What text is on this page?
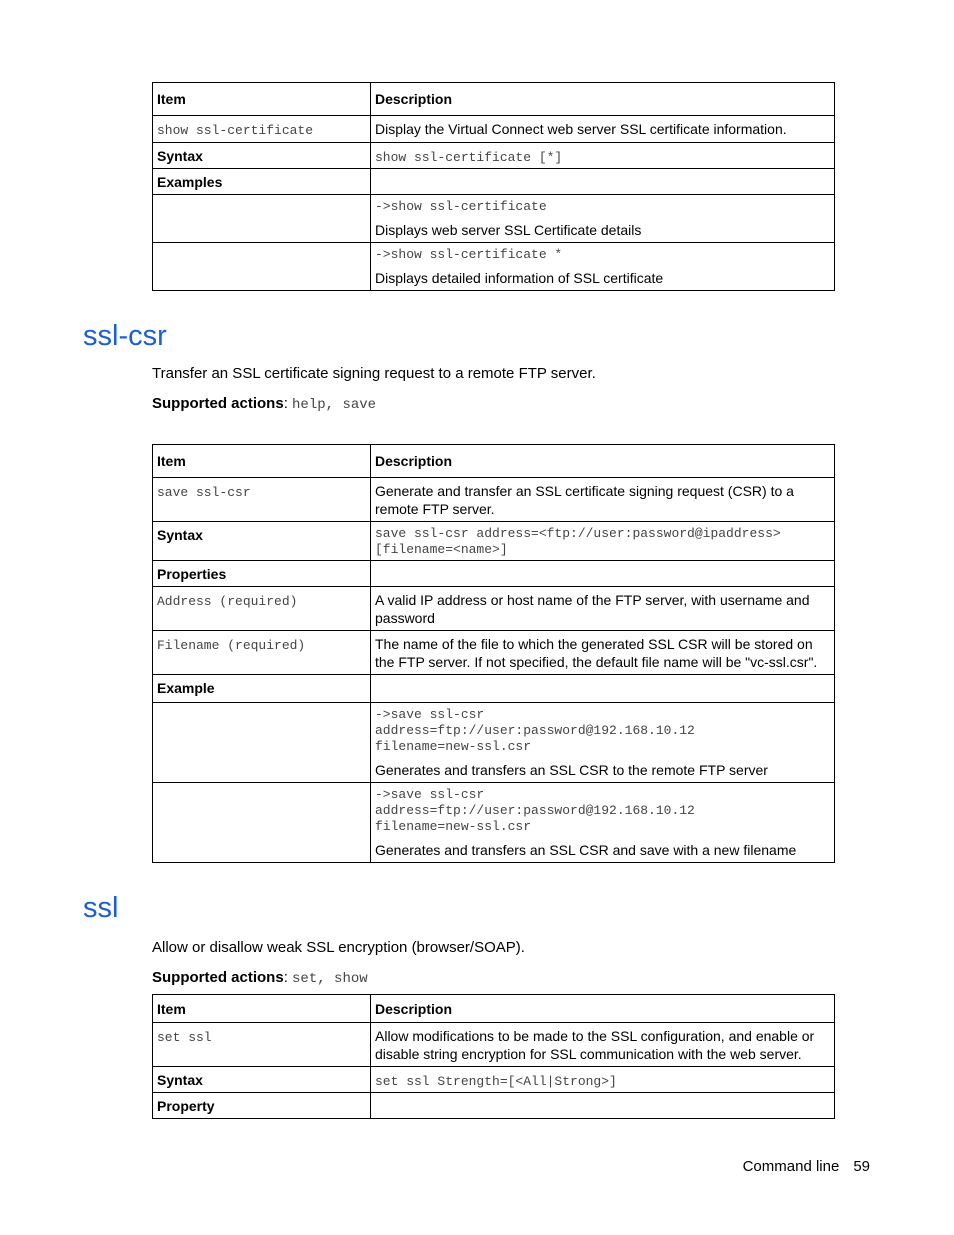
Item	Description
show ssl-certificate	Display the Virtual Connect web server SSL certificate information.
Syntax	show ssl-certificate [*]
Examples	

	->show ssl-certificate
Displays web server SSL Certificate details

	->show ssl-certificate *
Displays detailed information of SSL certificate
ssl-csr

Transfer an SSL certificate signing request to a remote FTP server.

Supported actions: help, save

Item	Description
save ssl-csr	Generate and transfer an SSL certificate signing request (CSR) to a remote FTP server.
Syntax	save ssl-csr address=<ftp://user:password@ipaddress>
[filename=<name>]

Properties	
Address (required)	A valid IP address or host name of the FTP server, with username and password
Filename (required)	The name of the file to which the generated SSL CSR will be stored on the FTP server. If not specified, the default file name will be "vc-ssl.csr".
Example	

	->save ssl-csr
address=ftp://user:password@192.168.10.12
filename=new-ssl.csr
Generates and transfers an SSL CSR to the remote FTP server

	->save ssl-csr
address=ftp://user:password@192.168.10.12
filename=new-ssl.csr
Generates and transfers an SSL CSR and save with a new filename
ssl

Allow or disallow weak SSL encryption (browser/SOAP).

Supported actions: set, show

Item	Description
set ssl	Allow modifications to be made to the SSL configuration, and enable or disable string encryption for SSL communication with the web server.
Syntax	set ssl Strength=[<All|Strong>]
Property	
Command line 59
